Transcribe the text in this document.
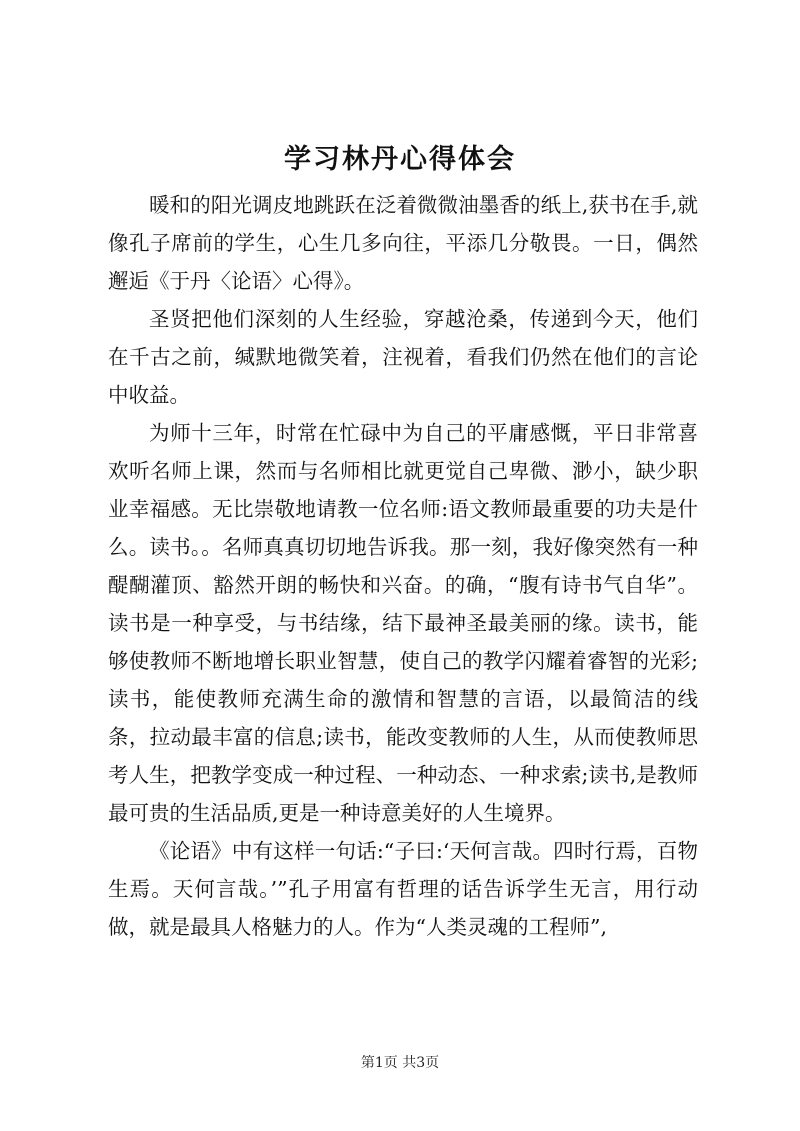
学习林丹心得体会

暖和的阳光调皮地跳跃在泛着微微油墨香的纸上,获书在手,就像孔子席前的学生，心生几多向往，平添几分敬畏。一日，偶然邂逅《于丹〈论语〉心得》。

圣贤把他们深刻的人生经验，穿越沧桑，传递到今天，他们在千古之前，缄默地微笑着，注视着，看我们仍然在他们的言论中收益。

为师十三年，时常在忙碌中为自己的平庸感慨，平日非常喜欢听名师上课，然而与名师相比就更觉自己卑微、渺小，缺少职业幸福感。无比崇敬地请教一位名师:语文教师最重要的功夫是什么。读书。。名师真真切切地告诉我。那一刻，我好像突然有一种醍醐灌顶、豁然开朗的畅快和兴奋。的确，“腹有诗书气自华”。读书是一种享受，与书结缘，结下最神圣最美丽的缘。读书，能够使教师不断地增长职业智慧，使自己的教学闪耀着睿智的光彩;读书，能使教师充满生命的激情和智慧的言语，以最简洁的线条，拉动最丰富的信息;读书，能改变教师的人生，从而使教师思考人生，把教学变成一种过程、一种动态、一种求索;读书,是教师最可贵的生活品质,更是一种诗意美好的人生境界。

《论语》中有这样一句话:“子曰:‘天何言哉。四时行焉，百物生焉。天何言哉。’”孔子用富有哲理的话告诉学生无言，用行动做，就是最具人格魅力的人。作为“人类灵魂的工程师”,

第1页 共3页
